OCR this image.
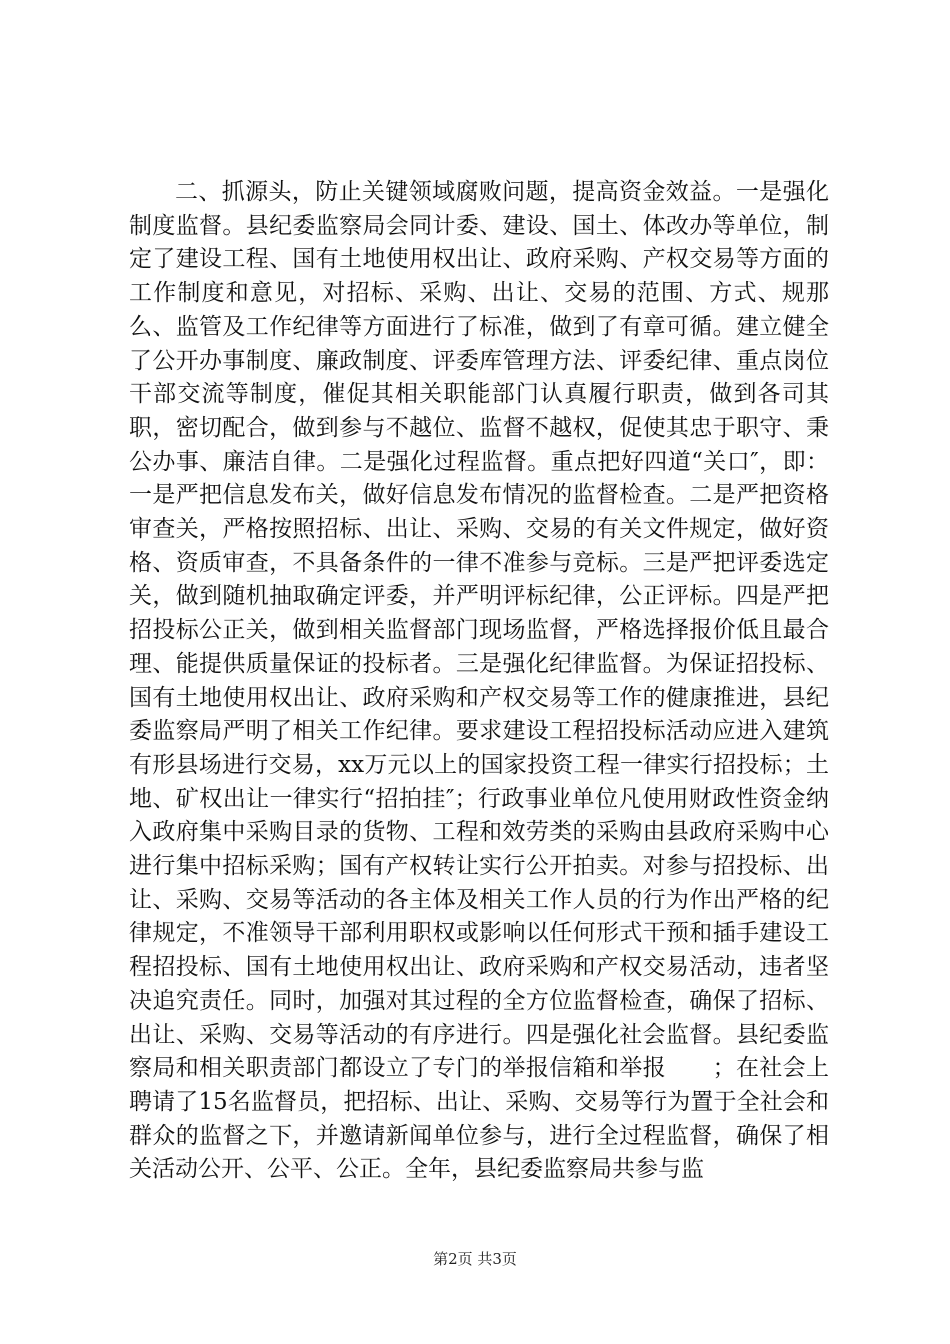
二、抓源头，防止关键领域腐败问题，提高资金效益。一是强化制度监督。县纪委监察局会同计委、建设、国土、体改办等单位，制定了建设工程、国有土地使用权出让、政府采购、产权交易等方面的工作制度和意见，对招标、采购、出让、交易的范围、方式、规那么、监管及工作纪律等方面进行了标准，做到了有章可循。建立健全了公开办事制度、廉政制度、评委库管理方法、评委纪律、重点岗位干部交流等制度，催促其相关职能部门认真履行职责，做到各司其职，密切配合，做到参与不越位、监督不越权，促使其忠于职守、秉公办事、廉洁自律。二是强化过程监督。重点把好四道“关口″，即：一是严把信息发布关，做好信息发布情况的监督检查。二是严把资格审查关，严格按照招标、出让、采购、交易的有关文件规定，做好资格、资质审查，不具备条件的一律不准参与竞标。三是严把评委选定关，做到随机抽取确定评委，并严明评标纪律，公正评标。四是严把招投标公正关，做到相关监督部门现场监督，严格选择报价低且最合理、能提供质量保证的投标者。三是强化纪律监督。为保证招投标、国有土地使用权出让、政府采购和产权交易等工作的健康推进，县纪委监察局严明了相关工作纪律。要求建设工程招投标活动应进入建筑有形县场进行交易，xx万元以上的国家投资工程一律实行招投标；土地、矿权出让一律实行“招拍挂″；行政事业单位凡使用财政性资金纳入政府集中采购目录的货物、工程和效劳类的采购由县政府采购中心进行集中招标采购；国有产权转让实行公开拍卖。对参与招投标、出让、采购、交易等活动的各主体及相关工作人员的行为作出严格的纪律规定，不准领导干部利用职权或影响以任何形式干预和插手建设工程招投标、国有土地使用权出让、政府采购和产权交易活动，违者坚决追究责任。同时，加强对其过程的全方位监督检查，确保了招标、出让、采购、交易等活动的有序进行。四是强化社会监督。县纪委监察局和相关职责部门都设立了专门的举报信箱和举报　　；在社会上聘请了15名监督员，把招标、出让、采购、交易等行为置于全社会和群众的监督之下，并邀请新闻单位参与，进行全过程监督，确保了相关活动公开、公平、公正。全年，县纪委监察局共参与监

第2页 共3页
